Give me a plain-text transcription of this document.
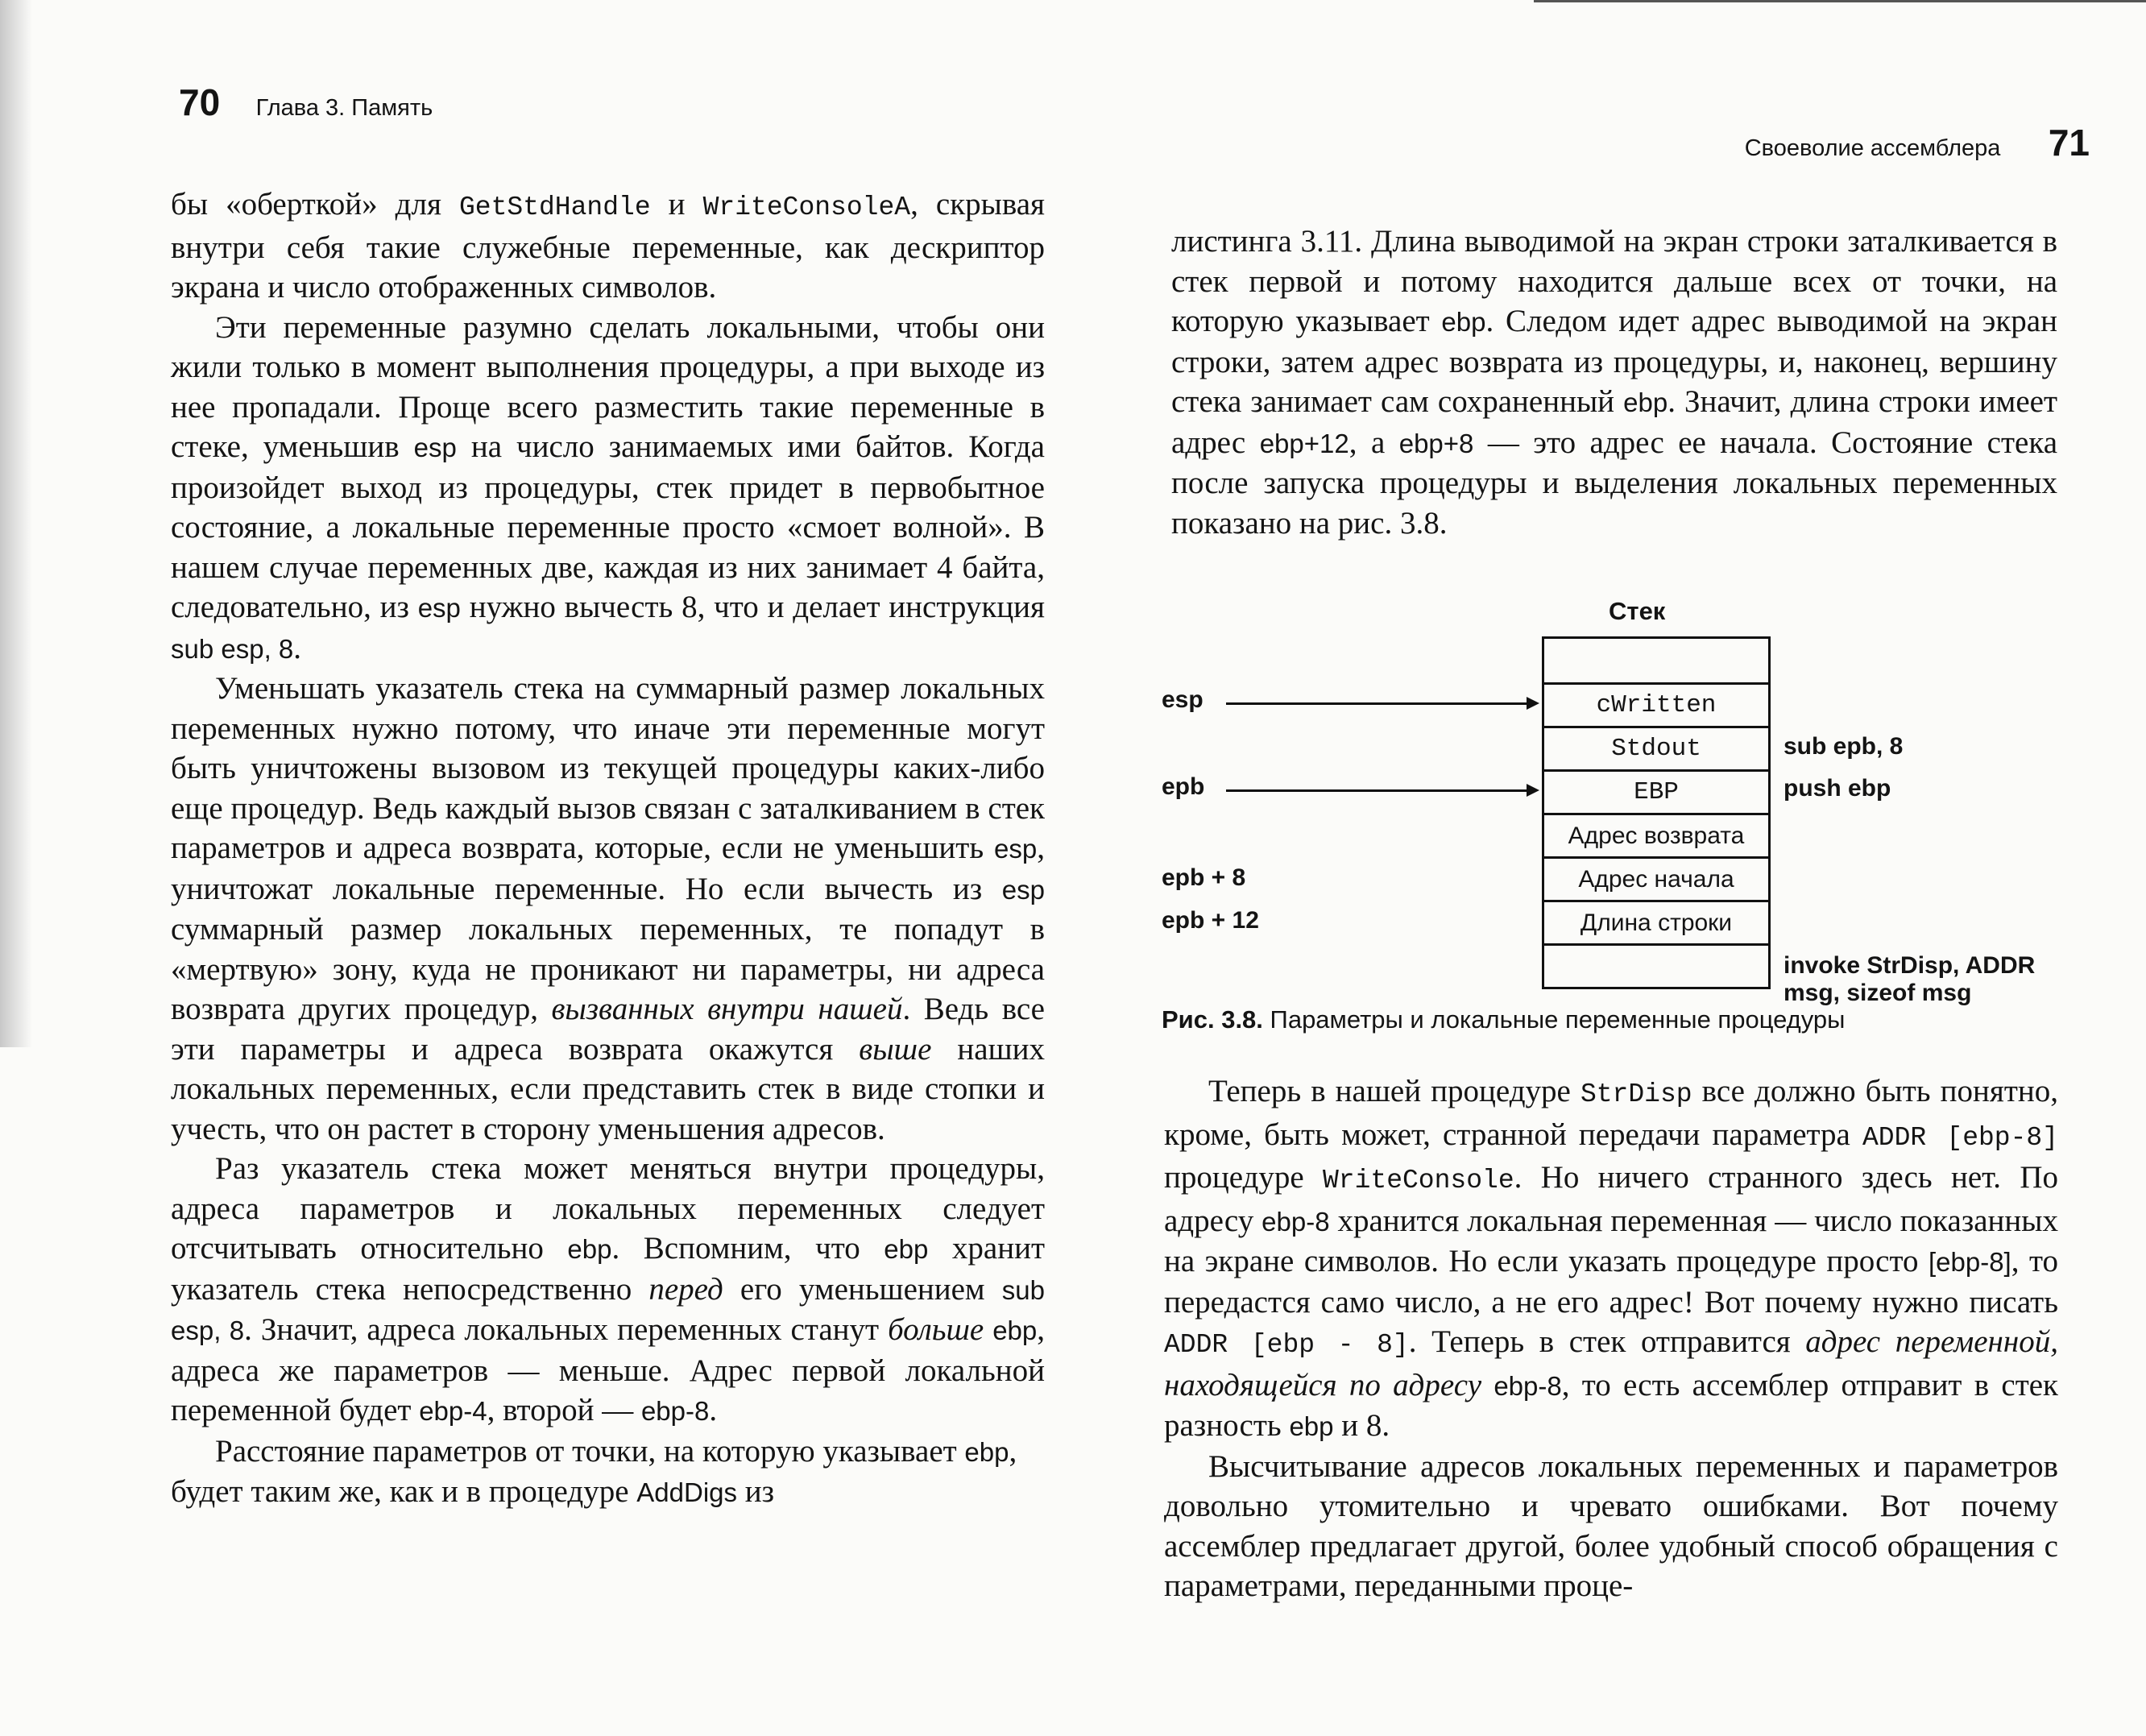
70 Глава 3. Память

бы «оберткой» для GetStdHandle и WriteConsoleA, скрывая внутри себя такие служебные переменные, как дескриптор экрана и число отображенных символов.

Эти переменные разумно сделать локальными, чтобы они жили только в момент выполнения процедуры, а при выходе из нее пропадали. Проще всего разместить такие переменные в стеке, уменьшив esp на число занимаемых ими байтов. Когда произойдет выход из процедуры, стек придет в первобытное состояние, а локальные переменные просто «смоет волной». В нашем случае переменных две, каждая из них занимает 4 байта, следовательно, из esp нужно вычесть 8, что и делает инструкция sub esp, 8.

Уменьшать указатель стека на суммарный размер локальных переменных нужно потому, что иначе эти переменные могут быть уничтожены вызовом из текущей процедуры каких-либо еще процедур. Ведь каждый вызов связан с заталкиванием в стек параметров и адреса возврата, которые, если не уменьшить esp, уничтожат локальные переменные. Но если вычесть из esp суммарный размер локальных переменных, те попадут в «мертвую» зону, куда не проникают ни параметры, ни адреса возврата других процедур, вызванных внутри нашей. Ведь все эти параметры и адреса возврата окажутся выше наших локальных переменных, если представить стек в виде стопки и учесть, что он растет в сторону уменьшения адресов.

Раз указатель стека может меняться внутри процедуры, адреса параметров и локальных переменных следует отсчитывать относительно ebp. Вспомним, что ebp хранит указатель стека непосредственно перед его уменьшением sub esp, 8. Значит, адреса локальных переменных станут больше ebp, адреса же параметров — меньше. Адрес первой локальной переменной будет ebp-4, второй — ebp-8.

Расстояние параметров от точки, на которую указывает ebp, будет таким же, как и в процедуре AddDigs из

Своеволие ассемблера 71

листинга 3.11. Длина выводимой на экран строки заталкивается в стек первой и потому находится дальше всех от точки, на которую указывает ebp. Следом идет адрес выводимой на экран строки, затем адрес возврата из процедуры, и, наконец, вершину стека занимает сам сохраненный ebp. Значит, длина строки имеет адрес ebp+12, а ebp+8 — это адрес ее начала. Состояние стека после запуска процедуры и выделения локальных переменных показано на рис. 3.8.

Стек
cWritten
Stdout
EBP
Адрес возврата
Адрес начала
Длина строки
esp
epb
epb + 8
epb + 12
sub epb, 8
push ebp
invoke StrDisp, ADDR msg, sizeof msg
Рис. 3.8. Параметры и локальные переменные процедуры

Теперь в нашей процедуре StrDisp все должно быть понятно, кроме, быть может, странной передачи параметра ADDR [ebp-8] процедуре WriteConsole. Но ничего странного здесь нет. По адресу ebp-8 хранится локальная переменная — число показанных на экране символов. Но если указать процедуре просто [ebp-8], то передастся само число, а не его адрес! Вот почему нужно писать ADDR [ebp - 8]. Теперь в стек отправится адрес переменной, находящейся по адресу ebp-8, то есть ассемблер отправит в стек разность ebp и 8.

Высчитывание адресов локальных переменных и параметров довольно утомительно и чревато ошибками. Вот почему ассемблер предлагает другой, более удобный способ обращения с параметрами, переданными проце-
